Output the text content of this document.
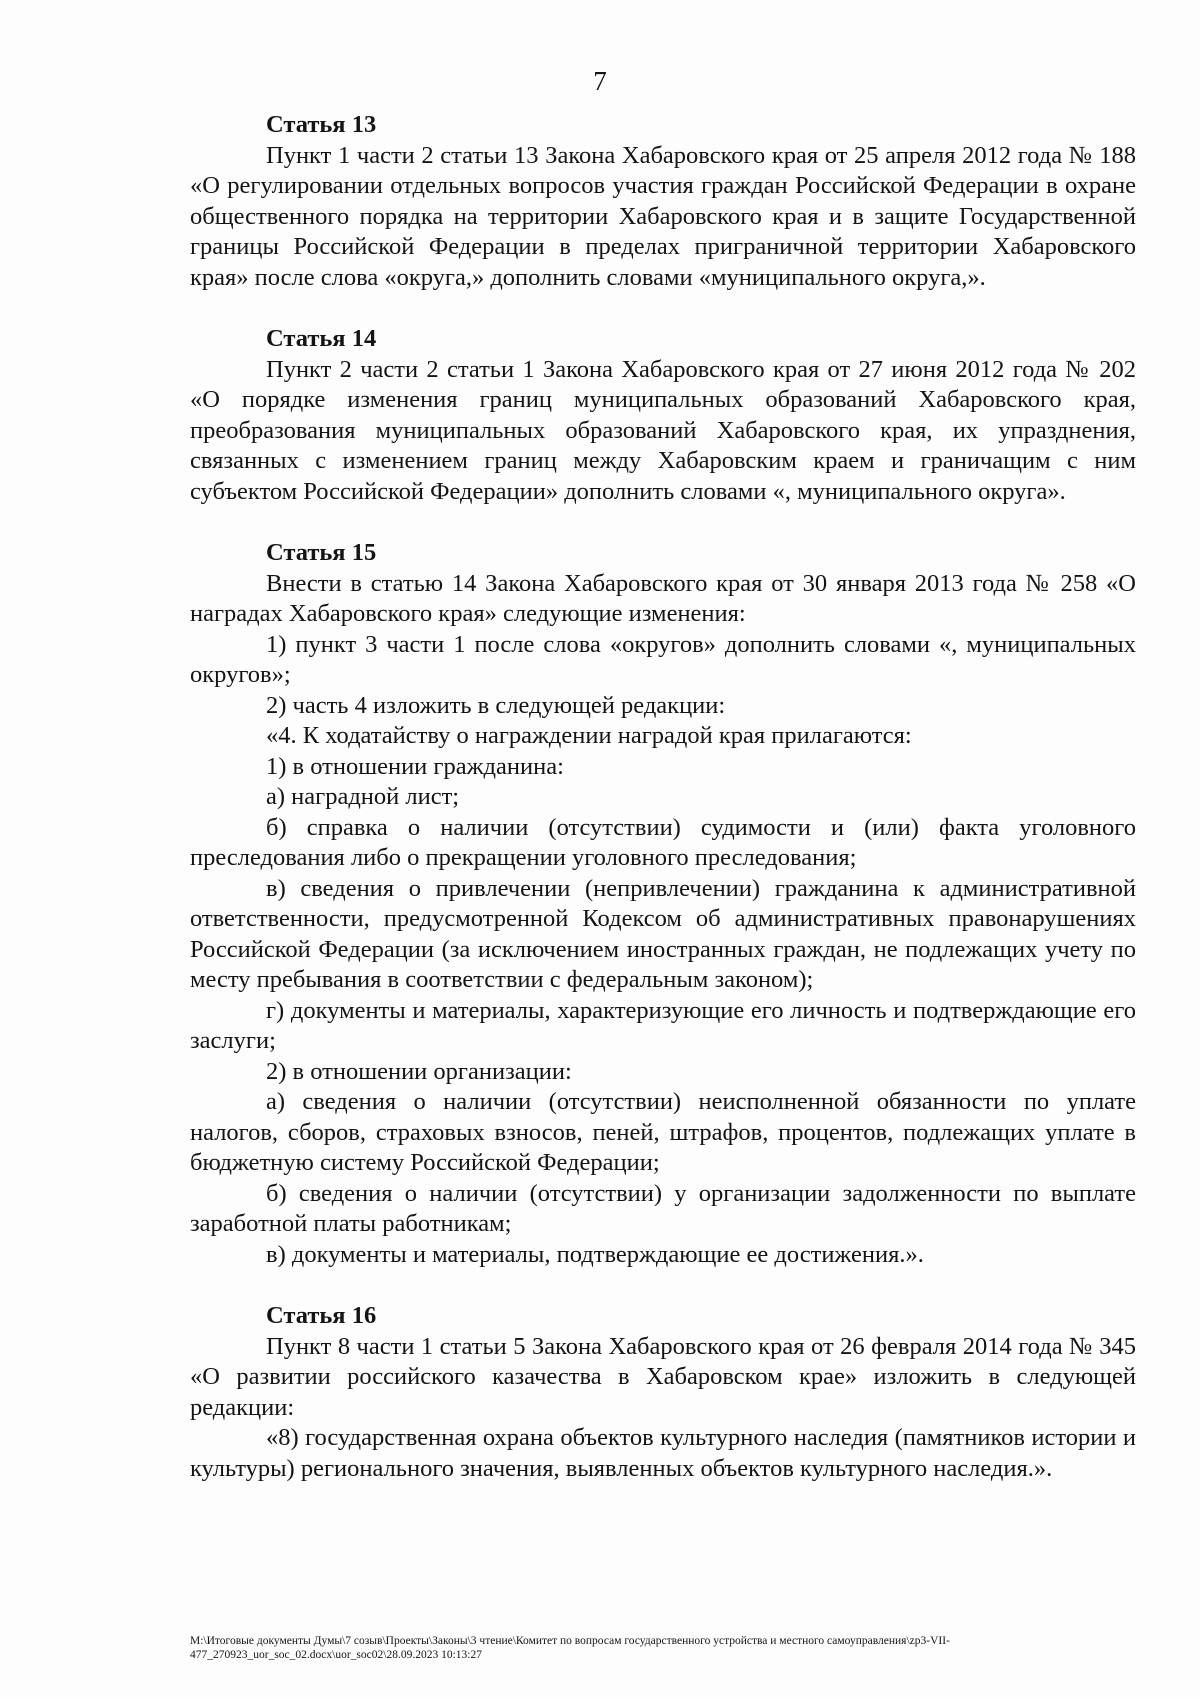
7

Статья 13

Пункт 1 части 2 статьи 13 Закона Хабаровского края от 25 апреля 2012 года № 188 «О регулировании отдельных вопросов участия граждан Российской Федерации в охране общественного порядка на территории Хабаровского края и в защите Государственной границы Российской Федерации в пределах приграничной территории Хабаровского края» после слова «округа,» дополнить словами «муниципального округа,».

Статья 14

Пункт 2 части 2 статьи 1 Закона Хабаровского края от 27 июня 2012 года № 202 «О порядке изменения границ муниципальных образований Хабаровского края, преобразования муниципальных образований Хабаровского края, их упразднения, связанных с изменением границ между Хабаровским краем и граничащим с ним субъектом Российской Федерации» дополнить словами «, муниципального округа».

Статья 15

Внести в статью 14 Закона Хабаровского края от 30 января 2013 года № 258 «О наградах Хабаровского края» следующие изменения:

1) пункт 3 части 1 после слова «округов» дополнить словами «, муниципальных округов»;

2) часть 4 изложить в следующей редакции:

«4. К ходатайству о награждении наградой края прилагаются:

1) в отношении гражданина:

а) наградной лист;

б) справка о наличии (отсутствии) судимости и (или) факта уголовного преследования либо о прекращении уголовного преследования;

в) сведения о привлечении (непривлечении) гражданина к административной ответственности, предусмотренной Кодексом об административных правонарушениях Российской Федерации (за исключением иностранных граждан, не подлежащих учету по месту пребывания в соответствии с федеральным законом);

г) документы и материалы, характеризующие его личность и подтверждающие его заслуги;

2) в отношении организации:

а) сведения о наличии (отсутствии) неисполненной обязанности по уплате налогов, сборов, страховых взносов, пеней, штрафов, процентов, подлежащих уплате в бюджетную систему Российской Федерации;

б) сведения о наличии (отсутствии) у организации задолженности по выплате заработной платы работникам;

в) документы и материалы, подтверждающие ее достижения.».

Статья 16

Пункт 8 части 1 статьи 5 Закона Хабаровского края от 26 февраля 2014 года № 345 «О развитии российского казачества в Хабаровском крае» изложить в следующей редакции:

«8) государственная охрана объектов культурного наследия (памятников истории и культуры) регионального значения, выявленных объектов культурного наследия.».

M:\Итоговые документы Думы\7 созыв\Проекты\Законы\3 чтение\Комитет по вопросам государственного устройства и местного самоуправления\zp3-VII-477_270923_uor_soc_02.docx\uor_soc02\28.09.2023 10:13:27
